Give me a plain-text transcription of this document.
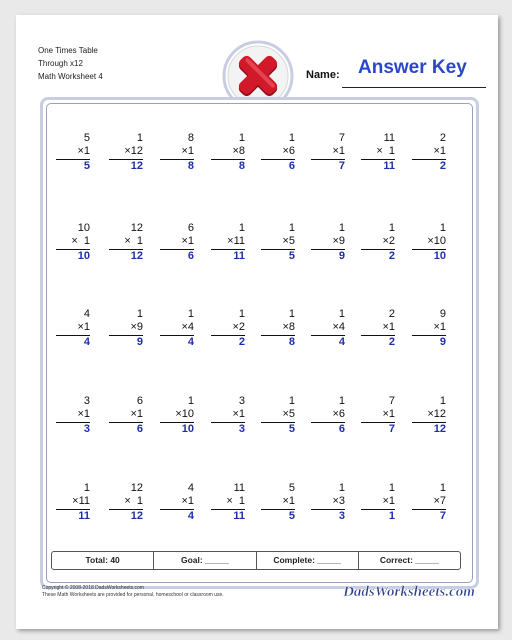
One Times Table
Through x12
Math Worksheet 4	Name: Answer Key
5
×1
5
1
×12
12
8
×1
8
1
×8
8
1
×6
6
7
×1
7
11
×  1
11
2
×1
2
10
×  1
10
12
×  1
12
6
×1
6
1
×11
11
1
×5
5
1
×9
9
1
×2
2
1
×10
10
4
×1
4
1
×9
9
1
×4
4
1
×2
2
1
×8
8
1
×4
4
2
×1
2
9
×1
9
3
×1
3
6
×1
6
1
×10
10
3
×1
3
1
×5
5
1
×6
6
7
×1
7
1
×12
12
1
×11
11
12
×  1
12
4
×1
4
11
×  1
11
5
×1
5
1
×3
3
1
×1
1
1
×7
7
Total: 40	Goal: _____	Complete: _____	Correct: _____
Copyright © 2008-2018 DadsWorksheets.com
These Math Worksheets are provided for personal, homeschool or classroom use.	DadsWorksheets.com
